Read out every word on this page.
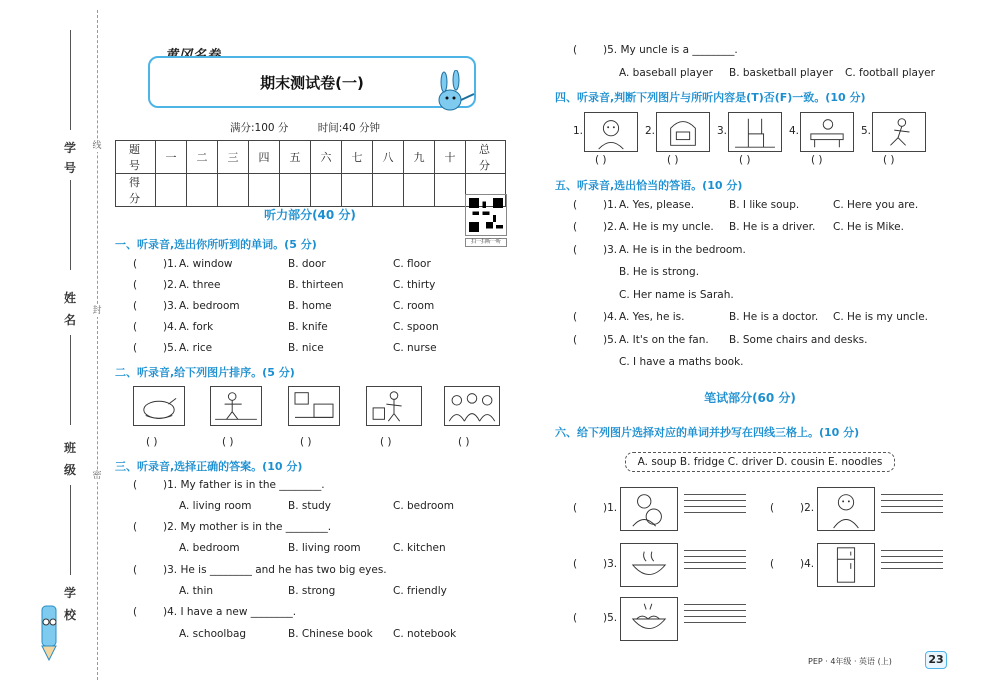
学
号
姓
名
班
级
学
校
线
封
密
期末测试卷(一)
满分:100 分	时间:40 分钟
题 号	一	二	三	四	五	六	七	八	九	十	总 分
得 分											
扫一扫听一听
听力部分(40 分)
一、听录音,选出你所听到的单词。(5 分)
( )1. A. window	B. door	C. floor
( )2. A. three	B. thirteen	C. thirty
( )3. A. bedroom	B. home	C. room
( )4. A. fork	B. knife	C. spoon
( )5. A. rice	B. nice	C. nurse
二、听录音,给下列图片排序。(5 分)
( )	( )	( )	( )	( )
三、听录音,选择正确的答案。(10 分)
( )1. My father is in the ________.
A. living room	B. study	C. bedroom
( )2. My mother is in the ________.
A. bedroom	B. living room	C. kitchen
( )3. He is ________ and he has two big eyes.
A. thin	B. strong	C. friendly
( )4. I have a new ________.
A. schoolbag	B. Chinese book C. notebook
( )5. My uncle is a ________.
A. baseball player B. basketball player C. football player
四、听录音,判断下列图片与所听内容是(T)否(F)一致。(10 分)
1.	2.	3.	4.	5.
( )	( )	( )	( )	( )
五、听录音,选出恰当的答语。(10 分)
( )1. A. Yes, please.	B. I like soup.	C. Here you are.
( )2. A. He is my uncle. B. He is a driver. C. He is Mike.
( )3. A. He is in the bedroom.
B. He is strong.
C. Her name is Sarah.
( )4. A. Yes, he is.	B. He is a doctor. C. He is my uncle.
( )5. A. It's on the fan. B. Some chairs and desks.
C. I have a maths book.
笔试部分(60 分)
六、给下列图片选择对应的单词并抄写在四线三格上。(10 分)
A. soup B. fridge C. driver D. cousin E. noodles
( )1.	( )2.
( )3.	( )4.
( )5.
PEP · 4年级 · 英语 (上)	23
